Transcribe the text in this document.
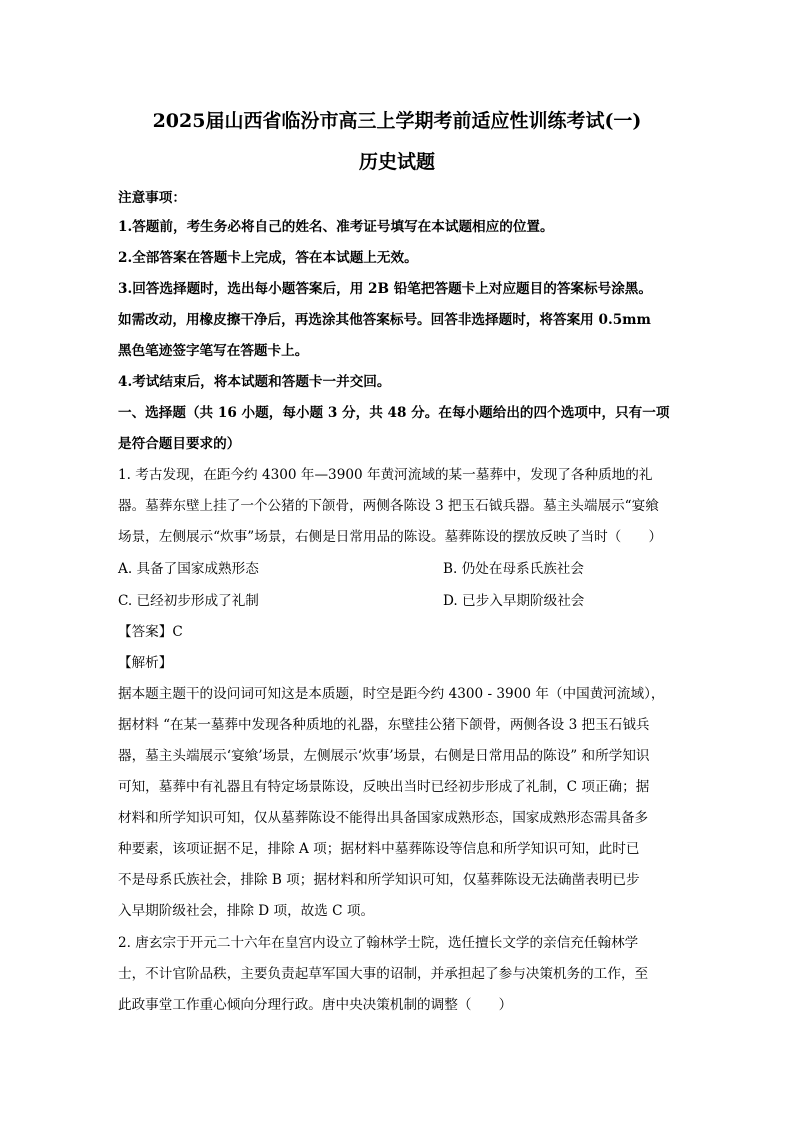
2025届山西省临汾市高三上学期考前适应性训练考试(一)
历史试题
注意事项：
1.答题前，考生务必将自己的姓名、准考证号填写在本试题相应的位置。
2.全部答案在答题卡上完成，答在本试题上无效。
3.回答选择题时，选出每小题答案后，用 2B 铅笔把答题卡上对应题目的答案标号涂黑。
如需改动，用橡皮擦干净后，再选涂其他答案标号。回答非选择题时，将答案用 0.5mm
黑色笔迹签字笔写在答题卡上。
4.考试结束后，将本试题和答题卡一并交回。
一、选择题（共 16 小题，每小题 3 分，共 48 分。在每小题给出的四个选项中，只有一项
是符合题目要求的）
1. 考古发现，在距今约 4300 年—3900 年黄河流域的某一墓葬中，发现了各种质地的礼
器。墓葬东壁上挂了一个公猪的下颌骨，两侧各陈设 3 把玉石钺兵器。墓主头端展示“宴飨
场景，左侧展示“炊事”场景，右侧是日常用品的陈设。墓葬陈设的摆放反映了当时（　　）
A. 具备了国家成熟形态	B. 仍处在母系氏族社会
C. 已经初步形成了礼制	D. 已步入早期阶级社会
【答案】C
【解析】
据本题主题干的设问词可知这是本质题，时空是距今约 4300 - 3900 年（中国黄河流域），
据材料 “在某一墓葬中发现各种质地的礼器，东壁挂公猪下颌骨，两侧各设 3 把玉石钺兵
器，墓主头端展示‘宴飨’场景，左侧展示‘炊事’场景，右侧是日常用品的陈设” 和所学知识
可知，墓葬中有礼器且有特定场景陈设，反映出当时已经初步形成了礼制，C 项正确；据
材料和所学知识可知，仅从墓葬陈设不能得出具备国家成熟形态，国家成熟形态需具备多
种要素，该项证据不足，排除 A 项；据材料中墓葬陈设等信息和所学知识可知，此时已
不是母系氏族社会，排除 B 项；据材料和所学知识可知，仅墓葬陈设无法确凿表明已步
入早期阶级社会，排除 D 项，故选 C 项。
2. 唐玄宗于开元二十六年在皇宫内设立了翰林学士院，选任擅长文学的亲信充任翰林学
士，不计官阶品秩，主要负责起草军国大事的诏制，并承担起了参与决策机务的工作，至
此政事堂工作重心倾向分理行政。唐中央决策机制的调整（　　）
